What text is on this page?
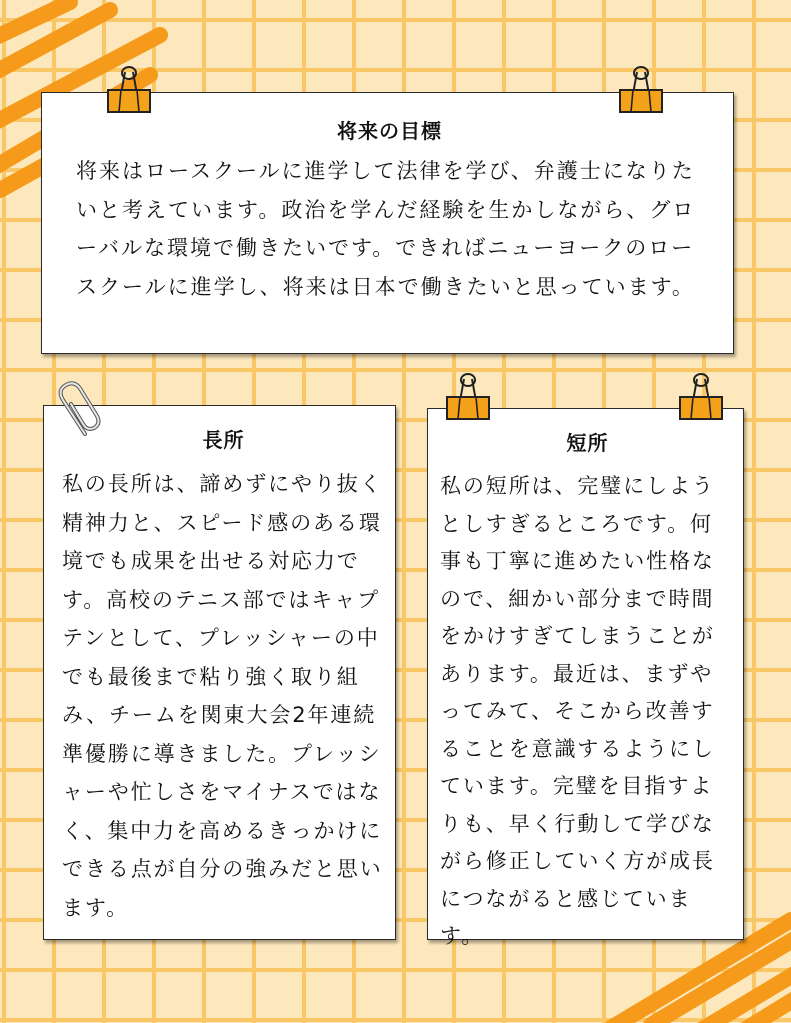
将来の目標

将来はロースクールに進学して法律を学び、弁護士になりたいと考えています。政治を学んだ経験を生かしながら、グローバルな環境で働きたいです。できればニューヨークのロースクールに進学し、将来は日本で働きたいと思っています。

長所

私の長所は、諦めずにやり抜く精神力と、スピード感のある環境でも成果を出せる対応力です。高校のテニス部ではキャプテンとして、プレッシャーの中でも最後まで粘り強く取り組み、チームを関東大会2年連続準優勝に導きました。プレッシャーや忙しさをマイナスではなく、集中力を高めるきっかけにできる点が自分の強みだと思います。

短所

私の短所は、完璧にしようとしすぎるところです。何事も丁寧に進めたい性格なので、細かい部分まで時間をかけすぎてしまうことがあります。最近は、まずやってみて、そこから改善することを意識するようにしています。完璧を目指すよりも、早く行動して学びながら修正していく方が成長につながると感じています。
